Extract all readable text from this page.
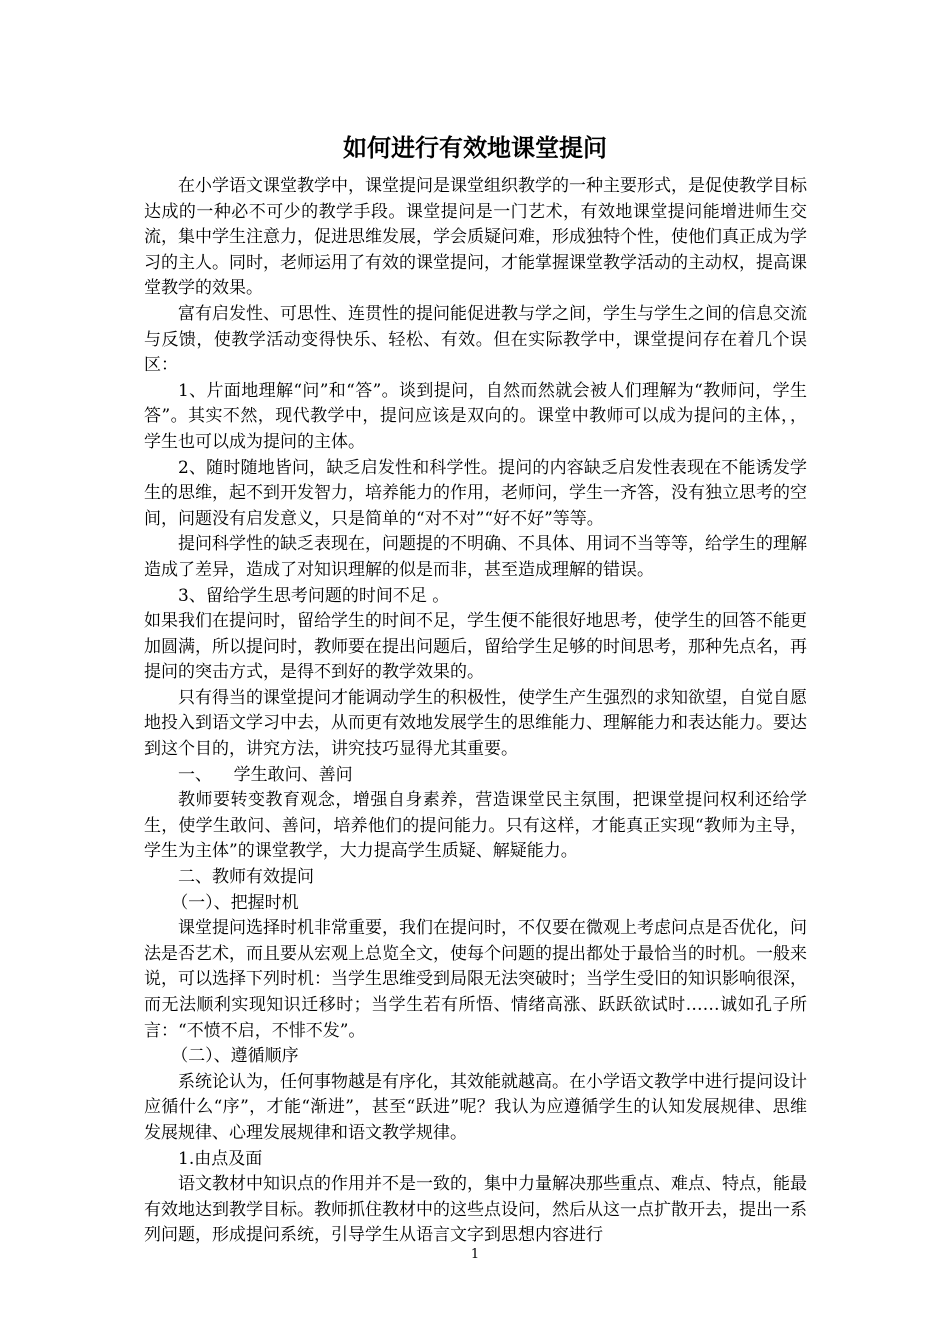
如何进行有效地课堂提问

在小学语文课堂教学中，课堂提问是课堂组织教学的一种主要形式，是促使教学目标达成的一种必不可少的教学手段。课堂提问是一门艺术，有效地课堂提问能增进师生交流，集中学生注意力，促进思维发展，学会质疑问难，形成独特个性，使他们真正成为学习的主人。同时，老师运用了有效的课堂提问，才能掌握课堂教学活动的主动权，提高课堂教学的效果。

富有启发性、可思性、连贯性的提问能促进教与学之间，学生与学生之间的信息交流与反馈，使教学活动变得快乐、轻松、有效。但在实际教学中，课堂提问存在着几个误区：

1、片面地理解“问”和“答”。谈到提问，自然而然就会被人们理解为“教师问，学生答”。其实不然，现代教学中，提问应该是双向的。课堂中教师可以成为提问的主体，，学生也可以成为提问的主体。

2、随时随地皆问，缺乏启发性和科学性。提问的内容缺乏启发性表现在不能诱发学生的思维，起不到开发智力，培养能力的作用，老师问，学生一齐答，没有独立思考的空间，问题没有启发意义，只是简单的“对不对”“好不好”等等。

提问科学性的缺乏表现在，问题提的不明确、不具体、用词不当等等，给学生的理解造成了差异，造成了对知识理解的似是而非，甚至造成理解的错误。

3、留给学生思考问题的时间不足 。

如果我们在提问时，留给学生的时间不足，学生便不能很好地思考，使学生的回答不能更加圆满，所以提问时，教师要在提出问题后，留给学生足够的时间思考，那种先点名，再提问的突击方式，是得不到好的教学效果的。

只有得当的课堂提问才能调动学生的积极性，使学生产生强烈的求知欲望，自觉自愿地投入到语文学习中去，从而更有效地发展学生的思维能力、理解能力和表达能力。要达到这个目的，讲究方法，讲究技巧显得尤其重要。

一、    学生敢问、善问

教师要转变教育观念，增强自身素养，营造课堂民主氛围，把课堂提问权利还给学生，使学生敢问、善问，培养他们的提问能力。只有这样，才能真正实现“教师为主导，学生为主体”的课堂教学，大力提高学生质疑、解疑能力。

二、教师有效提问

（一）、把握时机

课堂提问选择时机非常重要，我们在提问时，不仅要在微观上考虑问点是否优化，问法是否艺术，而且要从宏观上总览全文，使每个问题的提出都处于最恰当的时机。一般来说，可以选择下列时机：当学生思维受到局限无法突破时；当学生受旧的知识影响很深，而无法顺利实现知识迁移时；当学生若有所悟、情绪高涨、跃跃欲试时……诚如孔子所言：“不愤不启，不悱不发”。

（二）、遵循顺序

系统论认为，任何事物越是有序化，其效能就越高。在小学语文教学中进行提问设计应循什么“序”，才能“渐进”，甚至“跃进”呢？我认为应遵循学生的认知发展规律、思维发展规律、心理发展规律和语文教学规律。

1.由点及面

语文教材中知识点的作用并不是一致的，集中力量解决那些重点、难点、特点，能最有效地达到教学目标。教师抓住教材中的这些点设问，然后从这一点扩散开去，提出一系列问题，形成提问系统，引导学生从语言文字到思想内容进行

1
